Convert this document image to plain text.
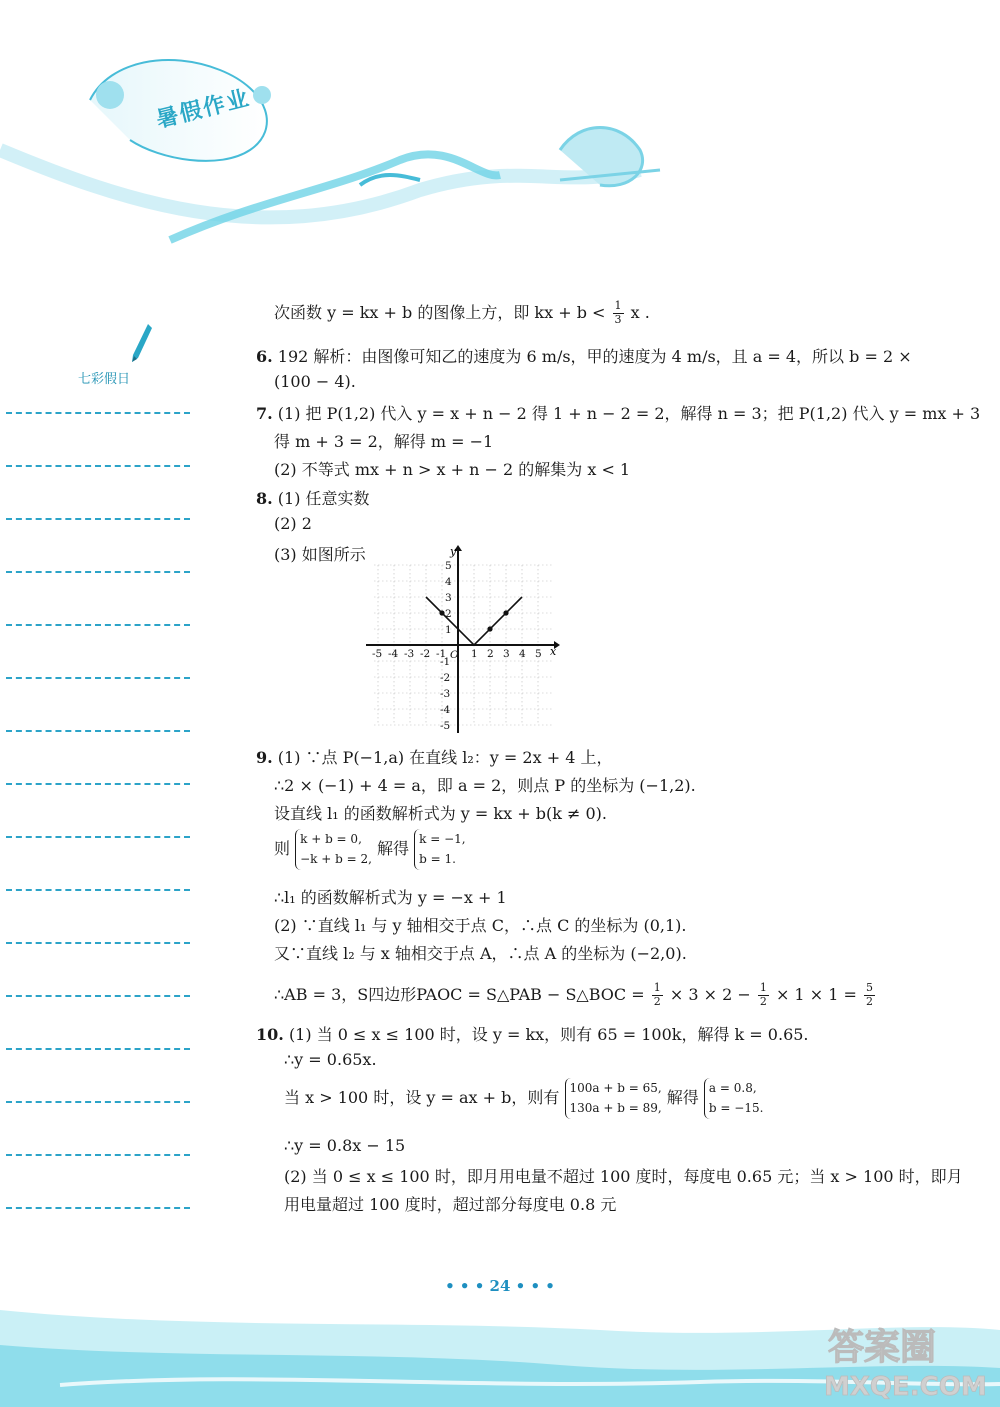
暑假作业
七彩假日
次函数 y = kx + b 的图像上方，即 kx + $b < \frac{1}{3}$ x .
6. 192 解析：由图像可知乙的速度为 6 m/s，甲的速度为 4 m/s，且 a = 4，所以 b = 2 ×
(100 − 4).
7. (1) 把 P(1,2) 代入 y = x + n − 2 得 1 + n − 2 = 2，解得 n = 3；把 P(1,2) 代入 y = mx + 3
得 m + 3 = 2，解得 m = −1
(2) 不等式 mx + n > x + n − 2 的解集为 x < 1
8. (1) 任意实数
(2) 2
(3) 如图所示	y
x
-5 -4 -3 -2 -1 O 1 2 3 4 5
5
4
3
2
1
-1
-2
-3
-4
-5
9. (1) ∵点 P(−1,a) 在直线 l₂：y = 2x + 4 上，
∴2 × (−1) + 4 = a，即 a = 2，则点 P 的坐标为 (−1,2).
设直线 l₁ 的函数解析式为 y = kx + b(k ≠ 0).
则 k + b = 0,
−k + b = 2, 解得 k = −1,
b = 1.
∴l₁ 的函数解析式为 y = −x + 1
(2) ∵直线 l₁ 与 y 轴相交于点 C，∴点 C 的坐标为 (0,1).
又∵直线 l₂ 与 x 轴相交于点 A，∴点 A 的坐标为 (−2,0).
∴AB = 3，S四边形PAOC = S△PAB − S△BOC = $\frac{1}{2} \times 3 \times 2 - \frac{1}{2} \times 1 \times 1 = \frac{5}{2}$
10. (1) 当 0 ≤ x ≤ 100 时，设 y = kx，则有 65 = 100k，解得 k = 0.65.
∴y = 0.65x.
当 x > 100 时，设 y = ax + b，则有 100a + b = 65,
130a + b = 89, 解得 a = 0.8,
b = −15.
∴y = 0.8x − 15
(2) 当 0 ≤ x ≤ 100 时，即月用电量不超过 100 度时，每度电 0.65 元；当 x > 100 时，即月
用电量超过 100 度时，超过部分每度电 0.8 元
• • • 24 • • •
答案圈
MXQE.COM
